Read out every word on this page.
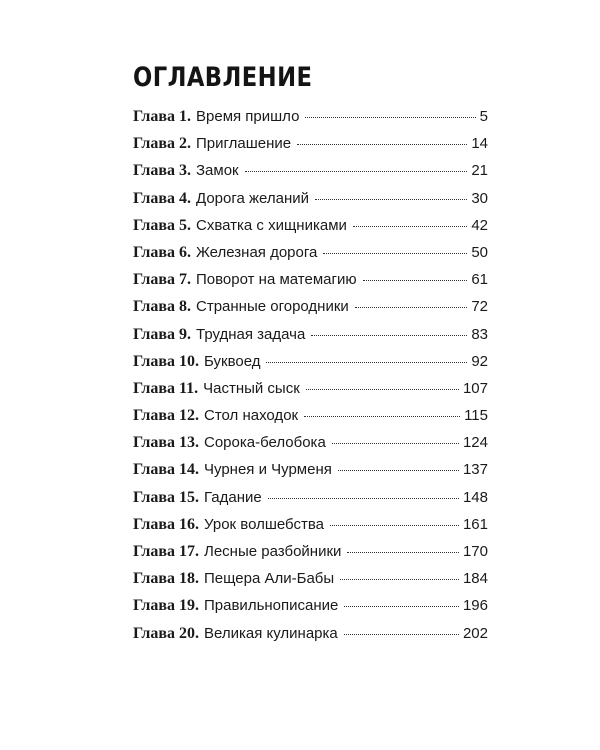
ОГЛАВЛЕНИЕ
Глава 1. Время пришло	5
Глава 2. Приглашение	14
Глава 3. Замок	21
Глава 4. Дорога желаний	30
Глава 5. Схватка с хищниками	42
Глава 6. Железная дорога	50
Глава 7. Поворот на матемагию	61
Глава 8. Странные огородники	72
Глава 9. Трудная задача	83
Глава 10. Буквоед	92
Глава 11. Частный сыск	107
Глава 12. Стол находок	115
Глава 13. Сорока-белобока	124
Глава 14. Чурнея и Чурменя	137
Глава 15. Гадание	148
Глава 16. Урок волшебства	161
Глава 17. Лесные разбойники	170
Глава 18. Пещера Али-Бабы	184
Глава 19. Правильнописание	196
Глава 20. Великая кулинарка	202
